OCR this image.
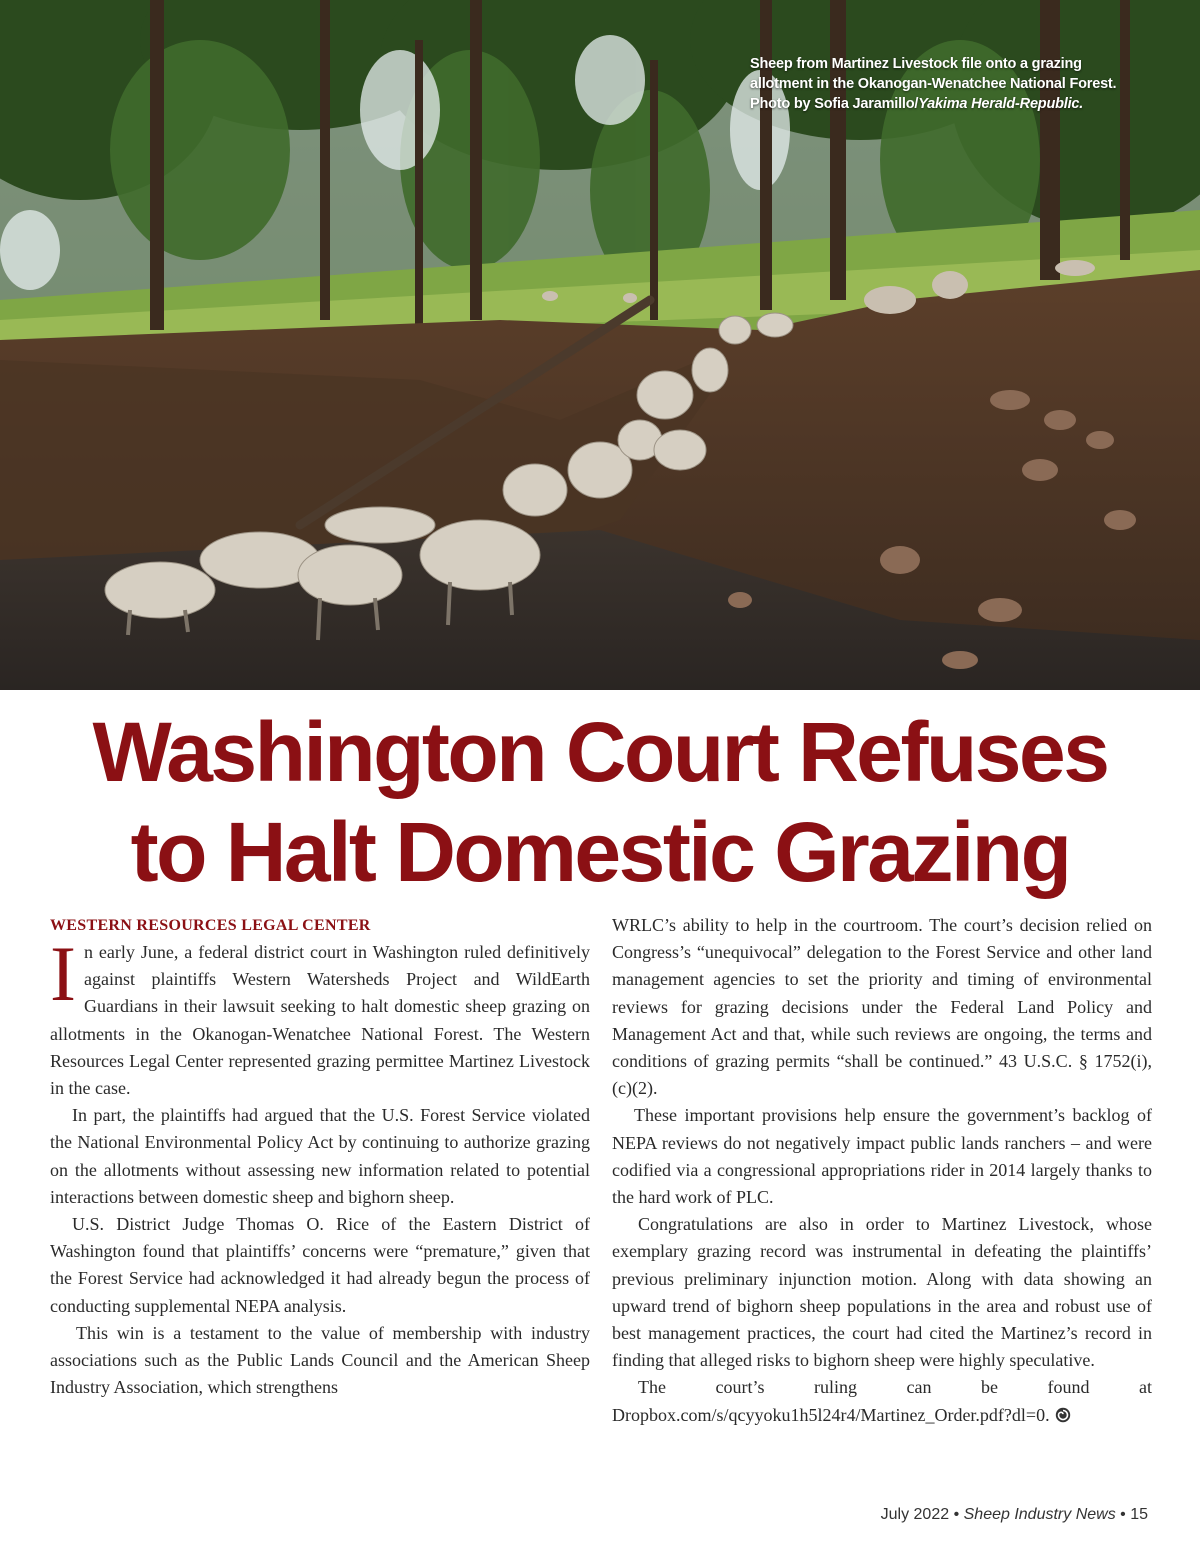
Sheep from Martinez Livestock file onto a grazing
allotment in the Okanogan-Wenatchee National Forest.
Photo by Sofia Jaramillo/Yakima Herald-Republic.
Washington Court Refuses
to Halt Domestic Grazing
WESTERN RESOURCES LEGAL CENTER

In early June, a federal district court in Washington ruled definitively against plaintiffs Western Watersheds Project and WildEarth Guardians in their lawsuit seeking to halt domestic sheep grazing on allotments in the Okanogan-Wenatchee National Forest. The Western Resources Legal Center represented grazing permittee Martinez Livestock in the case.

In part, the plaintiffs had argued that the U.S. Forest Service violated the National Environmental Policy Act by continuing to authorize grazing on the allotments without assessing new information related to potential interactions between domestic sheep and bighorn sheep.

U.S. District Judge Thomas O. Rice of the Eastern District of Washington found that plaintiffs’ concerns were “premature,” given that the Forest Service had acknowledged it had already begun the process of conducting supplemental NEPA analysis.

This win is a testament to the value of membership with industry associations such as the Public Lands Council and the American Sheep Industry Association, which strengthens

WRLC’s ability to help in the courtroom. The court’s decision relied on Congress’s “unequivocal” delegation to the Forest Service and other land management agencies to set the priority and timing of environmental reviews for grazing decisions under the Federal Land Policy and Management Act and that, while such reviews are ongoing, the terms and conditions of grazing permits “shall be continued.” 43 U.S.C. § 1752(i), (c)(2).

These important provisions help ensure the government’s backlog of NEPA reviews do not negatively impact public lands ranchers – and were codified via a congressional appropriations rider in 2014 largely thanks to the hard work of PLC.

Congratulations are also in order to Martinez Livestock, whose exemplary grazing record was instrumental in defeating the plaintiffs’ previous preliminary injunction motion. Along with data showing an upward trend of bighorn sheep populations in the area and robust use of best management practices, the court had cited the Martinez’s record in finding that alleged risks to bighorn sheep were highly speculative.

The court’s ruling can be found at Dropbox.com/s/qcyyoku1h5l24r4/Martinez_Order.pdf?dl=0.

July 2022 • Sheep Industry News • 15
